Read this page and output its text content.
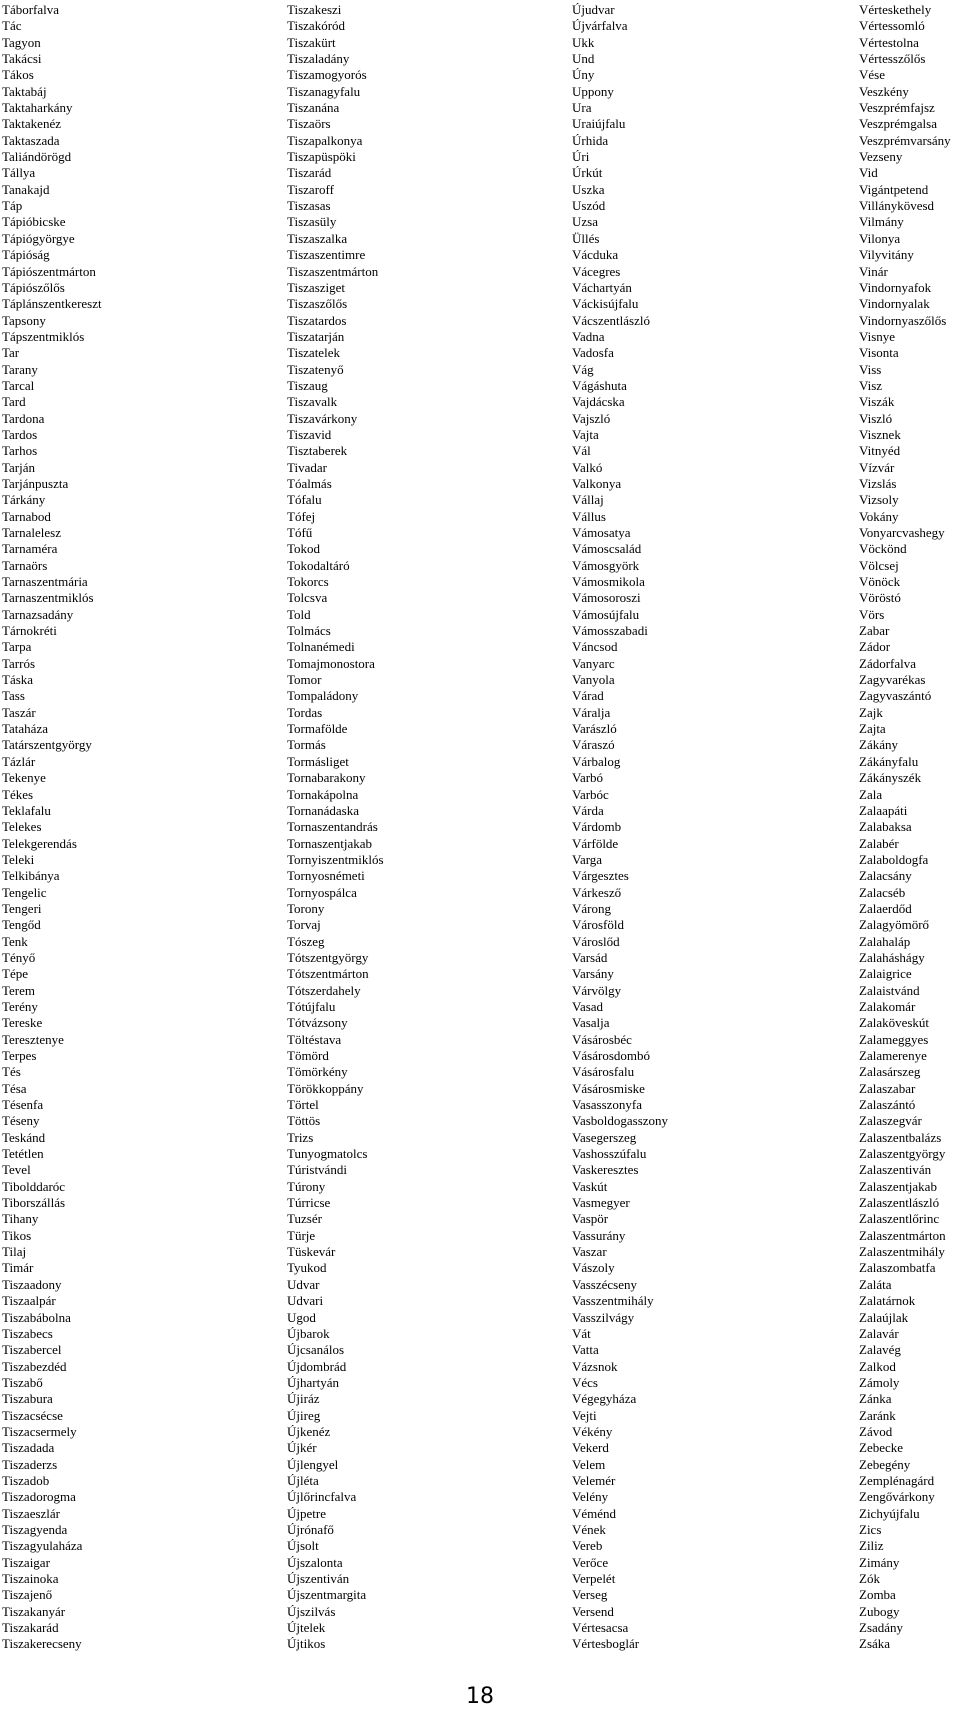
Táborfalva
Tác
Tagyon
Takácsi
Tákos
Taktabáj
Taktaharkány
Taktakenéz
Taktaszada
Taliándörögd
Tállya
Tanakajd
Táp
Tápióbicske
Tápiógyörgye
Tápióság
Tápiószentmárton
Tápiószőlős
Táplánszentkereszt
Tapsony
Tápszentmiklós
Tar
Tarany
Tarcal
Tard
Tardona
Tardos
Tarhos
Tarján
Tarjánpuszta
Tárkány
Tarnabod
Tarnalelesz
Tarnaméra
Tarnaörs
Tarnaszentmária
Tarnaszentmiklós
Tarnazsadány
Tárnokréti
Tarpa
Tarrós
Táska
Tass
Taszár
Tataháza
Tatárszentgyörgy
Tázlár
Tekenye
Tékes
Teklafalu
Telekes
Telekgerendás
Teleki
Telkibánya
Tengelic
Tengeri
Tengőd
Tenk
Tényő
Tépe
Terem
Terény
Tereske
Teresztenye
Terpes
Tés
Tésa
Tésenfa
Téseny
Teskánd
Tetétlen
Tevel
Tibolddaróc
Tiborszállás
Tihany
Tikos
Tilaj
Timár
Tiszaadony
Tiszaalpár
Tiszabábolna
Tiszabecs
Tiszabercel
Tiszabezdéd
Tiszabő
Tiszabura
Tiszacsécse
Tiszacsermely
Tiszadada
Tiszaderzs
Tiszadob
Tiszadorogma
Tiszaeszlár
Tiszagyenda
Tiszagyulaháza
Tiszaigar
Tiszainoka
Tiszajenő
Tiszakanyár
Tiszakarád
Tiszakerecseny
Tiszakeszi
Tiszakóród
Tiszakürt
Tiszaladány
Tiszamogyorós
Tiszanagyfalu
Tiszanána
Tiszaörs
Tiszapalkonya
Tiszapüspöki
Tiszarád
Tiszaroff
Tiszasas
Tiszasüly
Tiszaszalka
Tiszaszentimre
Tiszaszentmárton
Tiszasziget
Tiszaszőlős
Tiszatardos
Tiszatarján
Tiszatelek
Tiszatenyő
Tiszaug
Tiszavalk
Tiszavárkony
Tiszavid
Tisztaberek
Tivadar
Tóalmás
Tófalu
Tófej
Tófű
Tokod
Tokodaltáró
Tokorcs
Tolcsva
Told
Tolmács
Tolnanémedi
Tomajmonostora
Tomor
Tompaládony
Tordas
Tormafölde
Tormás
Tormásliget
Tornabarakony
Tornakápolna
Tornanádaska
Tornaszentandrás
Tornaszentjakab
Tornyiszentmiklós
Tornyosnémeti
Tornyospálca
Torony
Torvaj
Tószeg
Tótszentgyörgy
Tótszentmárton
Tótszerdahely
Tótújfalu
Tótvázsony
Töltéstava
Tömörd
Tömörkény
Törökkoppány
Törtel
Töttös
Trizs
Tunyogmatolcs
Túristvándi
Túrony
Túrricse
Tuzsér
Türje
Tüskevár
Tyukod
Udvar
Udvari
Ugod
Újbarok
Újcsanálos
Újdombrád
Újhartyán
Újiráz
Újireg
Újkenéz
Újkér
Újlengyel
Újléta
Újlőrincfalva
Újpetre
Újrónafő
Újsolt
Újszalonta
Újszentiván
Újszentmargita
Újszilvás
Újtelek
Újtikos
Újudvar
Újvárfalva
Ukk
Und
Úny
Uppony
Ura
Uraiújfalu
Úrhida
Úri
Úrkút
Uszka
Uszód
Uzsa
Üllés
Vácduka
Vácegres
Váchartyán
Váckisújfalu
Vácszentlászló
Vadna
Vadosfa
Vág
Vágáshuta
Vajdácska
Vajszló
Vajta
Vál
Valkó
Valkonya
Vállaj
Vállus
Vámosatya
Vámoscsalád
Vámosgyörk
Vámosmikola
Vámosoroszi
Vámosújfalu
Vámosszabadi
Váncsod
Vanyarc
Vanyola
Várad
Váralja
Varászló
Váraszó
Várbalog
Varbó
Varbóc
Várda
Várdomb
Várfölde
Varga
Várgesztes
Várkesző
Várong
Városföld
Városlőd
Varsád
Varsány
Várvölgy
Vasad
Vasalja
Vásárosbéc
Vásárosdombó
Vásárosfalu
Vásárosmiske
Vasasszonyfa
Vasboldogasszony
Vasegerszeg
Vashosszúfalu
Vaskeresztes
Vaskút
Vasmegyer
Vaspör
Vassurány
Vaszar
Vászoly
Vasszécseny
Vasszentmihály
Vasszilvágy
Vát
Vatta
Vázsnok
Vécs
Végegyháza
Vejti
Vékény
Vekerd
Velem
Velemér
Velény
Véménd
Vének
Vereb
Verőce
Verpelét
Verseg
Versend
Vértesacsa
Vértesboglár
Vérteskethely
Vértessomló
Vértestolna
Vértesszőlős
Vése
Veszkény
Veszprémfajsz
Veszprémgalsa
Veszprémvarsány
Vezseny
Vid
Vigántpetend
Villánykövesd
Vilmány
Vilonya
Vilyvitány
Vinár
Vindornyafok
Vindornyalak
Vindornyaszőlős
Visnye
Visonta
Viss
Visz
Viszák
Viszló
Visznek
Vitnyéd
Vízvár
Vizslás
Vizsoly
Vokány
Vonyarcvashegy
Vöckönd
Völcsej
Vönöck
Vöröstó
Vörs
Zabar
Zádor
Zádorfalva
Zagyvarékas
Zagyvaszántó
Zajk
Zajta
Zákány
Zákányfalu
Zákányszék
Zala
Zalaapáti
Zalabaksa
Zalabér
Zalaboldogfa
Zalacsány
Zalacséb
Zalaerdőd
Zalagyömörő
Zalahaláp
Zalaháshágy
Zalaigrice
Zalaistvánd
Zalakomár
Zalaköveskút
Zalameggyes
Zalamerenye
Zalasárszeg
Zalaszabar
Zalaszántó
Zalaszegvár
Zalaszentbalázs
Zalaszentgyörgy
Zalaszentiván
Zalaszentjakab
Zalaszentlászló
Zalaszentlőrinc
Zalaszentmárton
Zalaszentmihály
Zalaszombatfa
Zaláta
Zalatárnok
Zalaújlak
Zalavár
Zalavég
Zalkod
Zámoly
Zánka
Zaránk
Závod
Zebecke
Zebegény
Zemplénagárd
Zengővárkony
Zichyújfalu
Zics
Ziliz
Zimány
Zók
Zomba
Zubogy
Zsadány
Zsáka
18
